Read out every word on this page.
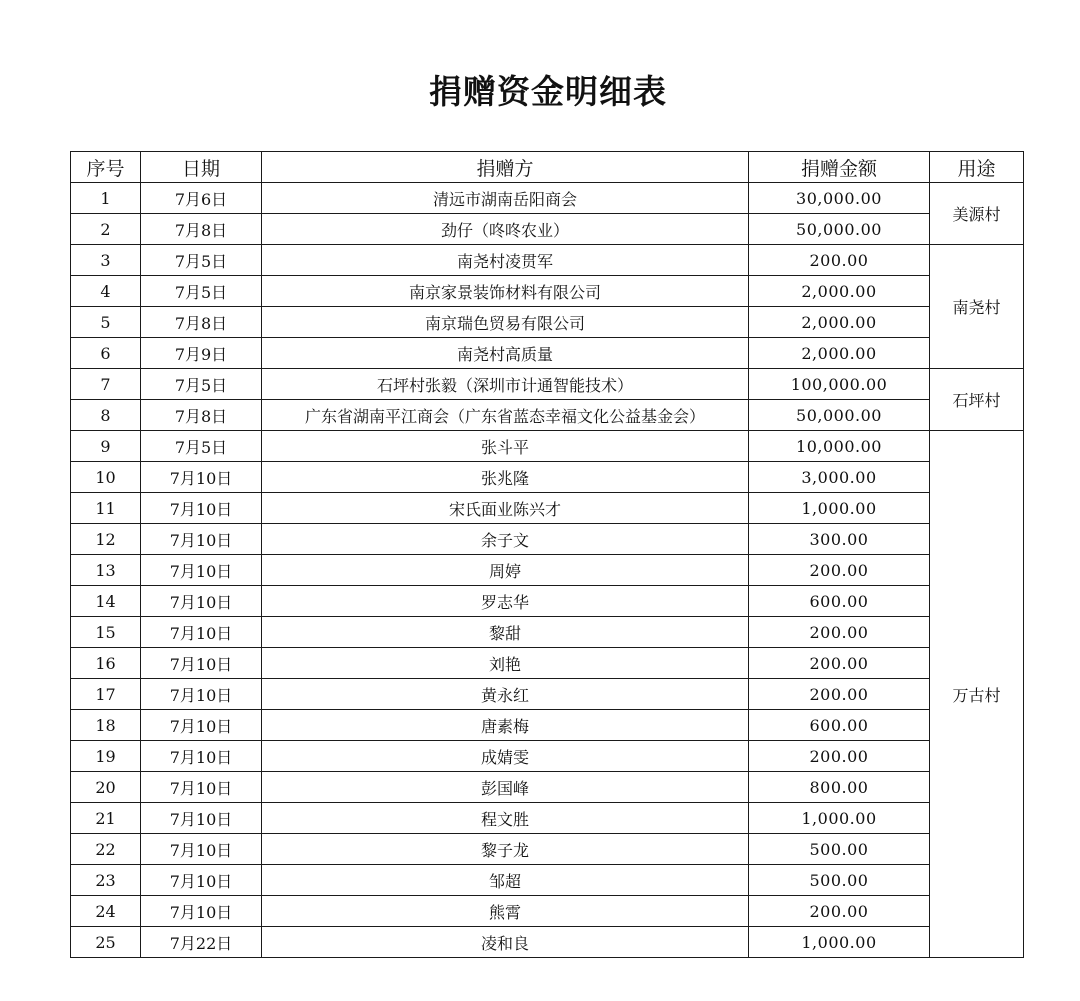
捐赠资金明细表
序号	日期	捐赠方	捐赠金额	用途
1	7月6日	清远市湖南岳阳商会	30,000.00	美源村
2	7月8日	劲仔（咚咚农业）	50,000.00	
3	7月5日	南尧村凌贯军	200.00	南尧村
4	7月5日	南京家景装饰材料有限公司	2,000.00	
5	7月8日	南京瑞色贸易有限公司	2,000.00	
6	7月9日	南尧村高质量	2,000.00	
7	7月5日	石坪村张毅（深圳市计通智能技术）	100,000.00	石坪村
8	7月8日	广东省湖南平江商会（广东省蓝态幸福文化公益基金会）	50,000.00	
9	7月5日	张斗平	10,000.00	万古村
10	7月10日	张兆隆	3,000.00	
11	7月10日	宋氏面业陈兴才	1,000.00	
12	7月10日	余子文	300.00	
13	7月10日	周婷	200.00	
14	7月10日	罗志华	600.00	
15	7月10日	黎甜	200.00	
16	7月10日	刘艳	200.00	
17	7月10日	黄永红	200.00	
18	7月10日	唐素梅	600.00	
19	7月10日	成婧雯	200.00	
20	7月10日	彭国峰	800.00	
21	7月10日	程文胜	1,000.00	
22	7月10日	黎子龙	500.00	
23	7月10日	邹超	500.00	
24	7月10日	熊霄	200.00	
25	7月22日	凌和良	1,000.00	
